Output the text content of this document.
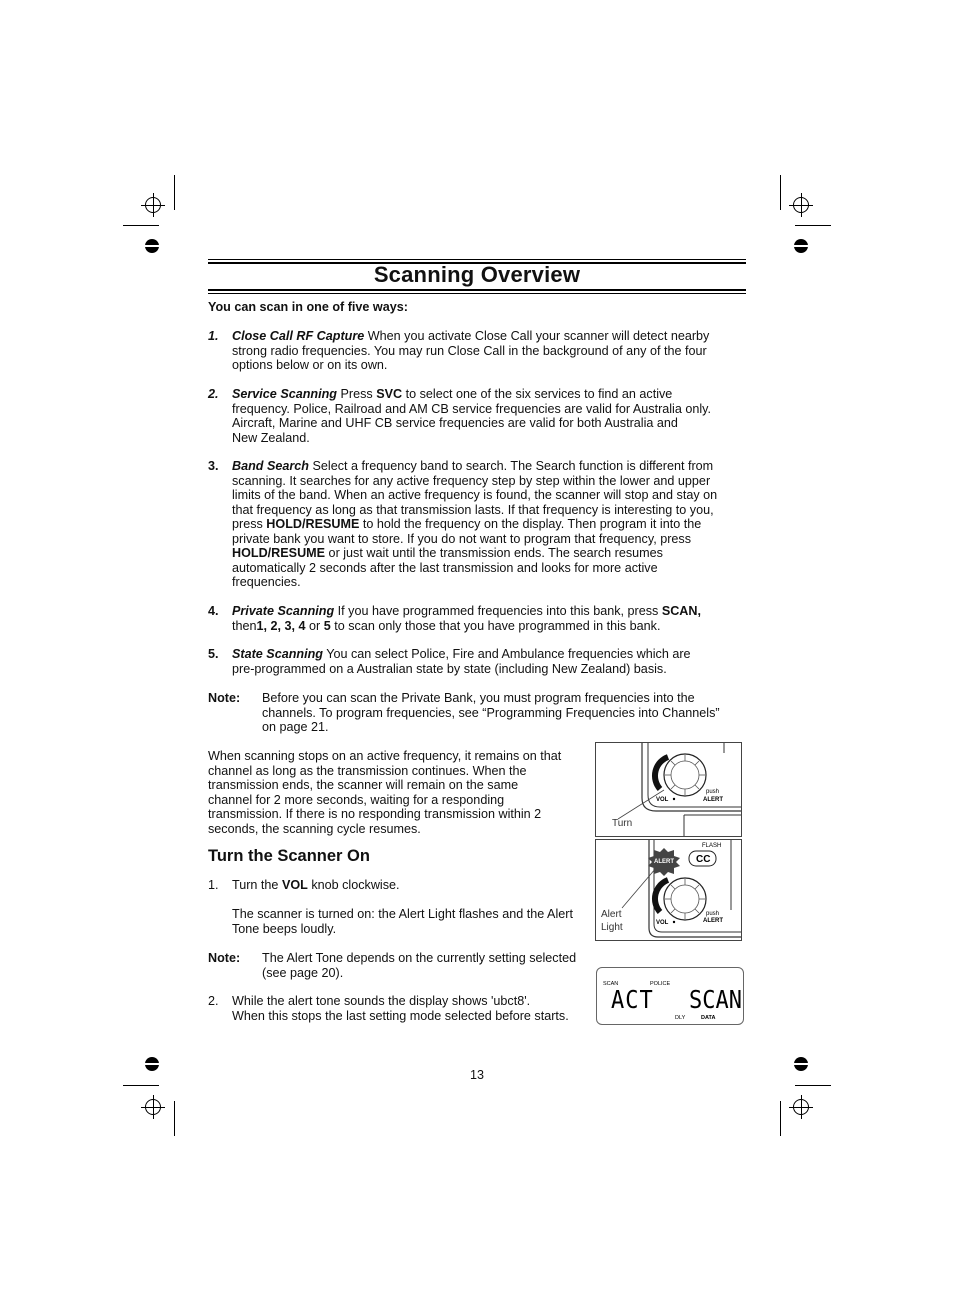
Scanning Overview
You can scan in one of five ways:
1. Close Call RF Capture When you activate Close Call your scanner will detect nearby
strong radio frequencies. You may run Close Call in the background of any of the four
options below or on its own.
2. Service Scanning Press SVC to select one of the six services to find an active
frequency. Police, Railroad and AM CB service frequencies are valid for Australia only.
Aircraft, Marine and UHF CB service frequencies are valid for both Australia and
New Zealand.
3. Band Search Select a frequency band to search. The Search function is different from
scanning. It searches for any active frequency step by step within the lower and upper
limits of the band. When an active frequency is found, the scanner will stop and stay on
that frequency as long as that transmission lasts. If that frequency is interesting to you,
press HOLD/RESUME to hold the frequency on the display. Then program it into the
private bank you want to store. If you do not want to program that frequency, press
HOLD/RESUME or just wait until the transmission ends. The search resumes
automatically 2 seconds after the last transmission and looks for more active
frequencies.
4. Private Scanning If you have programmed frequencies into this bank, press SCAN,
then1, 2, 3, 4 or 5 to scan only those that you have programmed in this bank.
5. State Scanning You can select Police, Fire and Ambulance frequencies which are
pre-programmed on a Australian state by state (including New Zealand) basis.
Note: Before you can scan the Private Bank, you must program frequencies into the
channels. To program frequencies, see “Programming Frequencies into Channels”
on page 21.
When scanning stops on an active frequency, it remains on that
channel as long as the transmission continues. When the
transmission ends, the scanner will remain on the same
channel for 2 more seconds, waiting for a responding
transmission. If there is no responding transmission within 2
seconds, the scanning cycle resumes.
Turn the Scanner On
1. Turn the VOL knob clockwise.
The scanner is turned on: the Alert Light flashes and the Alert
Tone beeps loudly.
Note: The Alert Tone depends on the currently setting selected
(see page 20).
2. While the alert tone sounds the display shows 'ubct8'.
When this stops the last setting mode selected before starts.
VOL
push
ALERT
Turn
ALERT
FLASH
CC
VOL
push
ALERT
Alert
Light
SCAN	POLICE
ACT SCAN
DLY	DATA
13
